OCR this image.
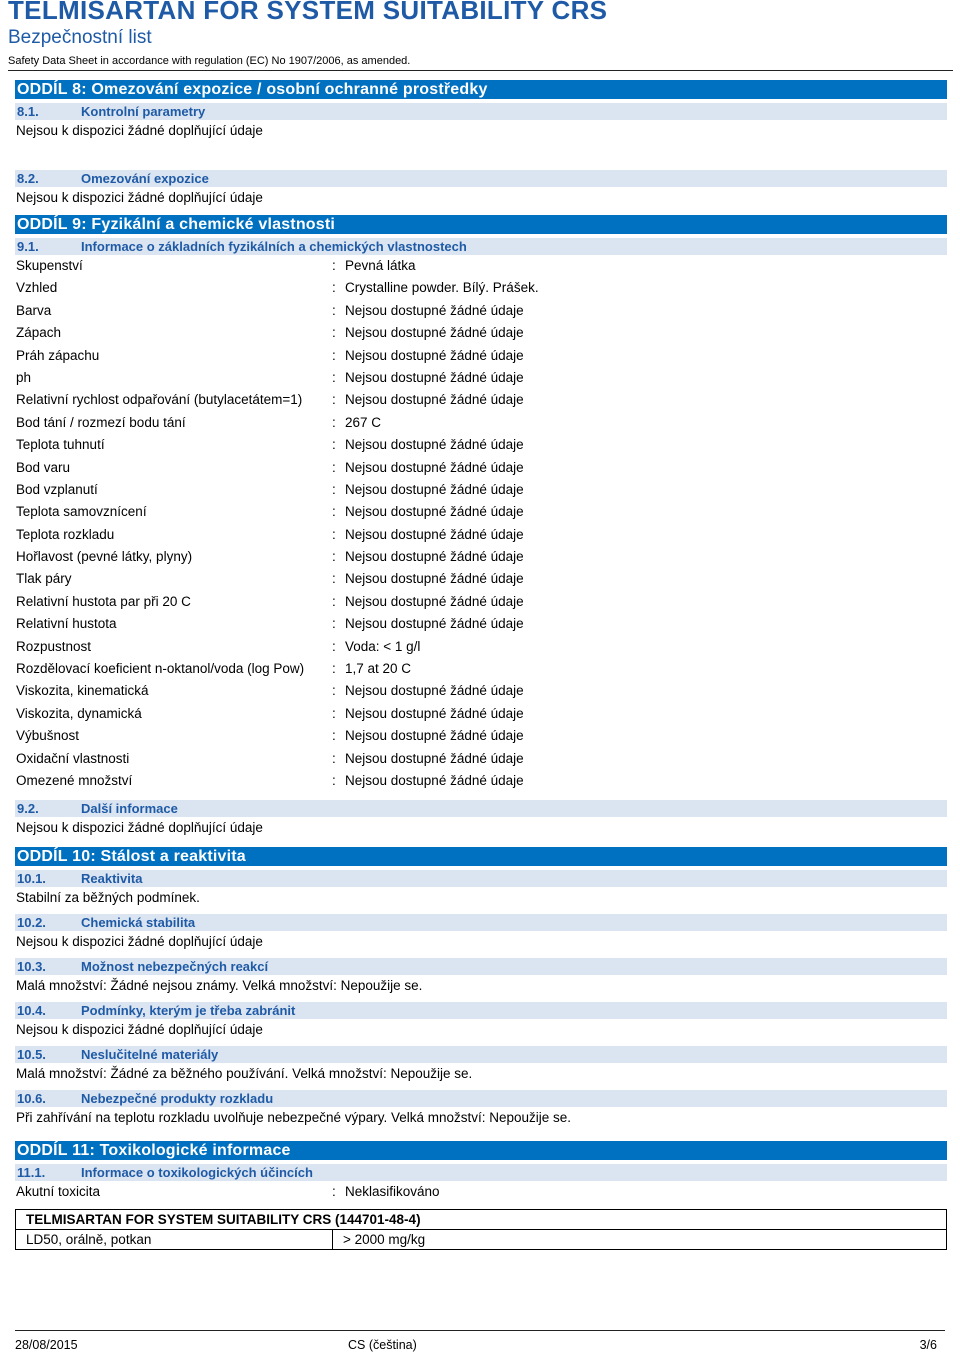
TELMISARTAN FOR SYSTEM SUITABILITY CRS
Bezpečnostní list
Safety Data Sheet in accordance with regulation (EC) No 1907/2006, as amended.
ODDÍL 8: Omezování expozice / osobní ochranné prostředky
8.1.	Kontrolní parametry
Nejsou k dispozici žádné doplňující údaje
8.2.	Omezování expozice
Nejsou k dispozici žádné doplňující údaje
ODDÍL 9: Fyzikální a chemické vlastnosti
9.1.	Informace o základních fyzikálních a chemických vlastnostech
Skupenství	: Pevná látka
Vzhled	: Crystalline powder. Bílý. Prášek.
Barva	: Nejsou dostupné žádné údaje
Zápach	: Nejsou dostupné žádné údaje
Práh zápachu	: Nejsou dostupné žádné údaje
ph	: Nejsou dostupné žádné údaje
Relativní rychlost odpařování (butylacetátem=1)	: Nejsou dostupné žádné údaje
Bod tání / rozmezí bodu tání	: 267 C
Teplota tuhnutí	: Nejsou dostupné žádné údaje
Bod varu	: Nejsou dostupné žádné údaje
Bod vzplanutí	: Nejsou dostupné žádné údaje
Teplota samovznícení	: Nejsou dostupné žádné údaje
Teplota rozkladu	: Nejsou dostupné žádné údaje
Hořlavost (pevné látky, plyny)	: Nejsou dostupné žádné údaje
Tlak páry	: Nejsou dostupné žádné údaje
Relativní hustota par při 20 C	: Nejsou dostupné žádné údaje
Relativní hustota	: Nejsou dostupné žádné údaje
Rozpustnost	: Voda: < 1 g/l
Rozdělovací koeficient n-oktanol/voda (log Pow)	: 1,7 at 20 C
Viskozita, kinematická	: Nejsou dostupné žádné údaje
Viskozita, dynamická	: Nejsou dostupné žádné údaje
Výbušnost	: Nejsou dostupné žádné údaje
Oxidační vlastnosti	: Nejsou dostupné žádné údaje
Omezené množství	: Nejsou dostupné žádné údaje
9.2.	Další informace
Nejsou k dispozici žádné doplňující údaje
ODDÍL 10: Stálost a reaktivita
10.1.	Reaktivita
Stabilní za běžných podmínek.
10.2.	Chemická stabilita
Nejsou k dispozici žádné doplňující údaje
10.3.	Možnost nebezpečných reakcí
Malá množství: Žádné nejsou známy. Velká množství: Nepoužije se.
10.4.	Podmínky, kterým je třeba zabránit
Nejsou k dispozici žádné doplňující údaje
10.5.	Neslučitelné materiály
Malá množství: Žádné za běžného používání. Velká množství: Nepoužije se.
10.6.	Nebezpečné produkty rozkladu
Při zahřívání na teplotu rozkladu uvolňuje nebezpečné výpary. Velká množství: Nepoužije se.
ODDÍL 11: Toxikologické informace
11.1.	Informace o toxikologických účincích
Akutní toxicita	: Neklasifikováno
TELMISARTAN FOR SYSTEM SUITABILITY CRS (144701-48-4)
LD50, orálně, potkan	> 2000 mg/kg
28/08/2015	CS (čeština)	3/6
